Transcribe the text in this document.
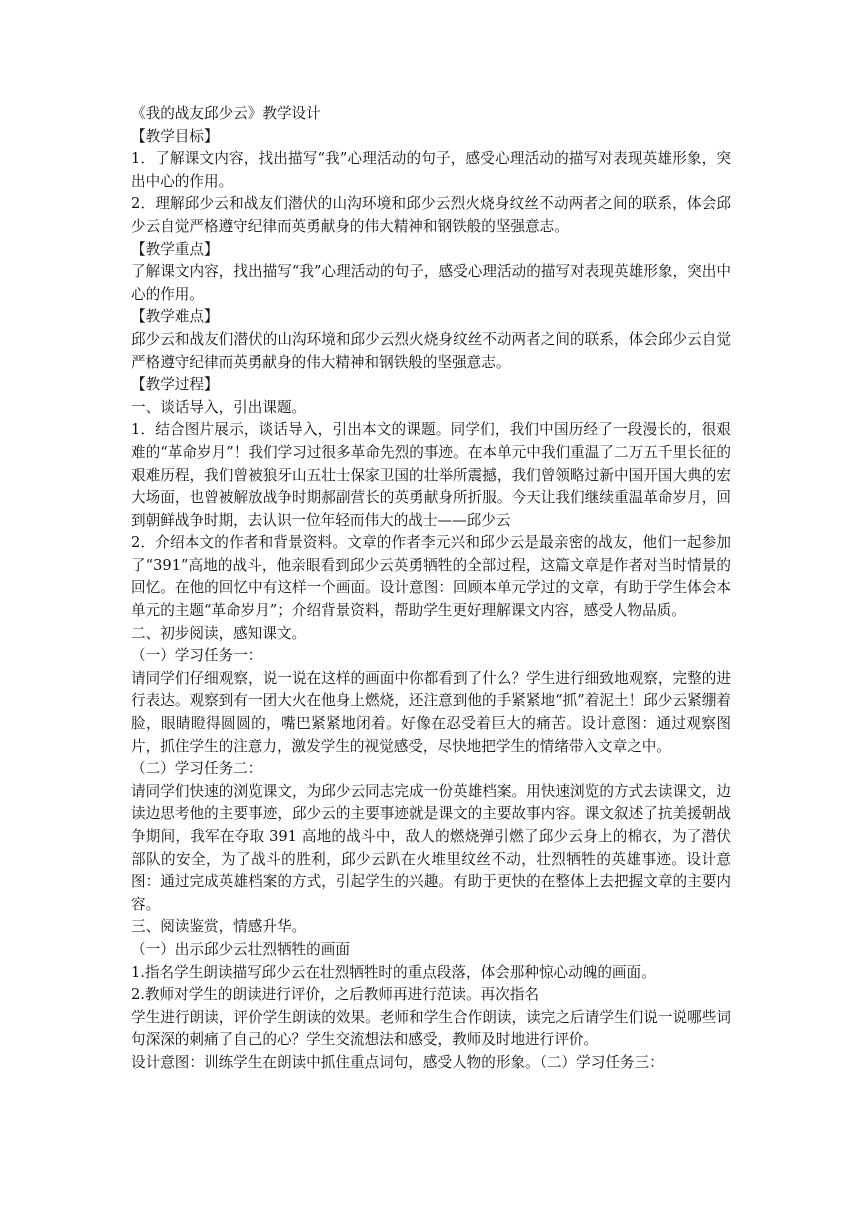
《我的战友邱少云》教学设计
【教学目标】
1．了解课文内容，找出描写“我”心理活动的句子，感受心理活动的描写对表现英雄形象，突出中心的作用。
2．理解邱少云和战友们潜伏的山沟环境和邱少云烈火烧身纹丝不动两者之间的联系，体会邱少云自觉严格遵守纪律而英勇献身的伟大精神和钢铁般的坚强意志。
【教学重点】
了解课文内容，找出描写“我”心理活动的句子，感受心理活动的描写对表现英雄形象，突出中心的作用。
【教学难点】
邱少云和战友们潜伏的山沟环境和邱少云烈火烧身纹丝不动两者之间的联系，体会邱少云自觉严格遵守纪律而英勇献身的伟大精神和钢铁般的坚强意志。
【教学过程】
一、谈话导入，引出课题。
1．结合图片展示，谈话导入，引出本文的课题。同学们，我们中国历经了一段漫长的，很艰难的“革命岁月”！我们学习过很多革命先烈的事迹。在本单元中我们重温了二万五千里长征的艰难历程，我们曾被狼牙山五壮士保家卫国的壮举所震撼，我们曾领略过新中国开国大典的宏大场面，也曾被解放战争时期郝副营长的英勇献身所折服。今天让我们继续重温革命岁月，回到朝鲜战争时期，去认识一位年轻而伟大的战士——邱少云
2．介绍本文的作者和背景资料。文章的作者李元兴和邱少云是最亲密的战友，他们一起参加了“391”高地的战斗，他亲眼看到邱少云英勇牺牲的全部过程，这篇文章是作者对当时情景的回忆。在他的回忆中有这样一个画面。设计意图：回顾本单元学过的文章，有助于学生体会本单元的主题“革命岁月”；介绍背景资料，帮助学生更好理解课文内容，感受人物品质。
二、初步阅读，感知课文。
（一）学习任务一：
请同学们仔细观察，说一说在这样的画面中你都看到了什么？学生进行细致地观察，完整的进行表达。观察到有一团大火在他身上燃烧，还注意到他的手紧紧地“抓”着泥土！邱少云紧绷着脸，眼睛瞪得圆圆的，嘴巴紧紧地闭着。好像在忍受着巨大的痛苦。设计意图：通过观察图片，抓住学生的注意力，激发学生的视觉感受，尽快地把学生的情绪带入文章之中。
（二）学习任务二：
请同学们快速的浏览课文，为邱少云同志完成一份英雄档案。用快速浏览的方式去读课文，边读边思考他的主要事迹，邱少云的主要事迹就是课文的主要故事内容。课文叙述了抗美援朝战争期间，我军在夺取 391 高地的战斗中，敌人的燃烧弹引燃了邱少云身上的棉衣，为了潜伏部队的安全，为了战斗的胜利，邱少云趴在火堆里纹丝不动，壮烈牺牲的英雄事迹。设计意图：通过完成英雄档案的方式，引起学生的兴趣。有助于更快的在整体上去把握文章的主要内容。
三、阅读鉴赏，情感升华。
（一）出示邱少云壮烈牺牲的画面
1.指名学生朗读描写邱少云在壮烈牺牲时的重点段落，体会那种惊心动魄的画面。
2.教师对学生的朗读进行评价，之后教师再进行范读。再次指名
学生进行朗读，评价学生朗读的效果。老师和学生合作朗读，读完之后请学生们说一说哪些词句深深的刺痛了自己的心？学生交流想法和感受，教师及时地进行评价。
设计意图：训练学生在朗读中抓住重点词句，感受人物的形象。（二）学习任务三：
